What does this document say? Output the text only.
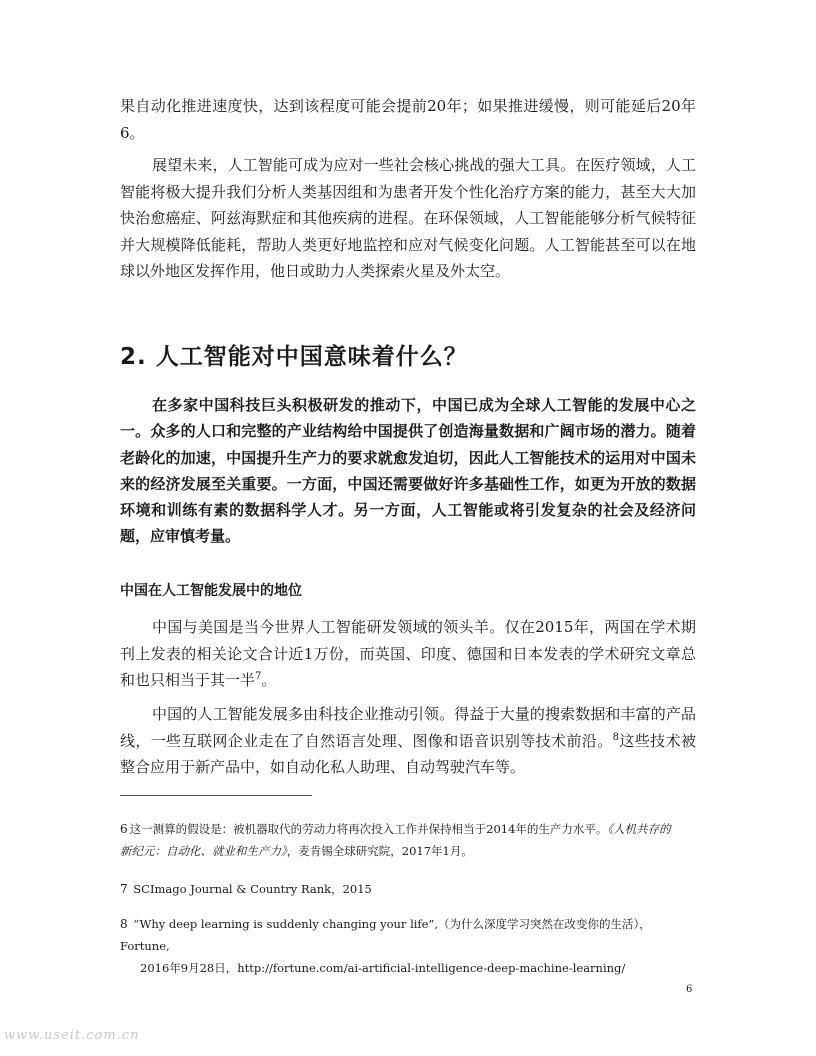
果自动化推进速度快，达到该程度可能会提前20年；如果推进缓慢，则可能延后20年6。

展望未来，人工智能可成为应对一些社会核心挑战的强大工具。在医疗领域，人工智能将极大提升我们分析人类基因组和为患者开发个性化治疗方案的能力，甚至大大加快治愈癌症、阿兹海默症和其他疾病的进程。在环保领域，人工智能能够分析气候特征并大规模降低能耗，帮助人类更好地监控和应对气候变化问题。人工智能甚至可以在地球以外地区发挥作用，他日或助力人类探索火星及外太空。

2. 人工智能对中国意味着什么？

在多家中国科技巨头积极研发的推动下，中国已成为全球人工智能的发展中心之一。众多的人口和完整的产业结构给中国提供了创造海量数据和广阔市场的潜力。随着老龄化的加速，中国提升生产力的要求就愈发迫切，因此人工智能技术的运用对中国未来的经济发展至关重要。一方面，中国还需要做好许多基础性工作，如更为开放的数据环境和训练有素的数据科学人才。另一方面，人工智能或将引发复杂的社会及经济问题，应审慎考量。

中国在人工智能发展中的地位

中国与美国是当今世界人工智能研发领域的领头羊。仅在2015年，两国在学术期刊上发表的相关论文合计近1万份，而英国、印度、德国和日本发表的学术研究文章总和也只相当于其一半$^7$。

中国的人工智能发展多由科技企业推动引领。得益于大量的搜索数据和丰富的产品线，一些互联网企业走在了自然语言处理、图像和语音识别等技术前沿。$^8$这些技术被整合应用于新产品中，如自动化私人助理、自动驾驶汽车等。

6 这一测算的假设是：被机器取代的劳动力将再次投入工作并保持相当于2014年的生产力水平。《人机共存的新纪元：自动化、就业和生产力》，麦肯锡全球研究院，2017年1月。
7 SCImago Journal & Country Rank，2015
8 “Why deep learning is suddenly changing your life”,（为什么深度学习突然在改变你的生活），Fortune,
2016年9月28日，http://fortune.com/ai-artificial-intelligence-deep-machine-learning/

6

www.useit.com.cn
